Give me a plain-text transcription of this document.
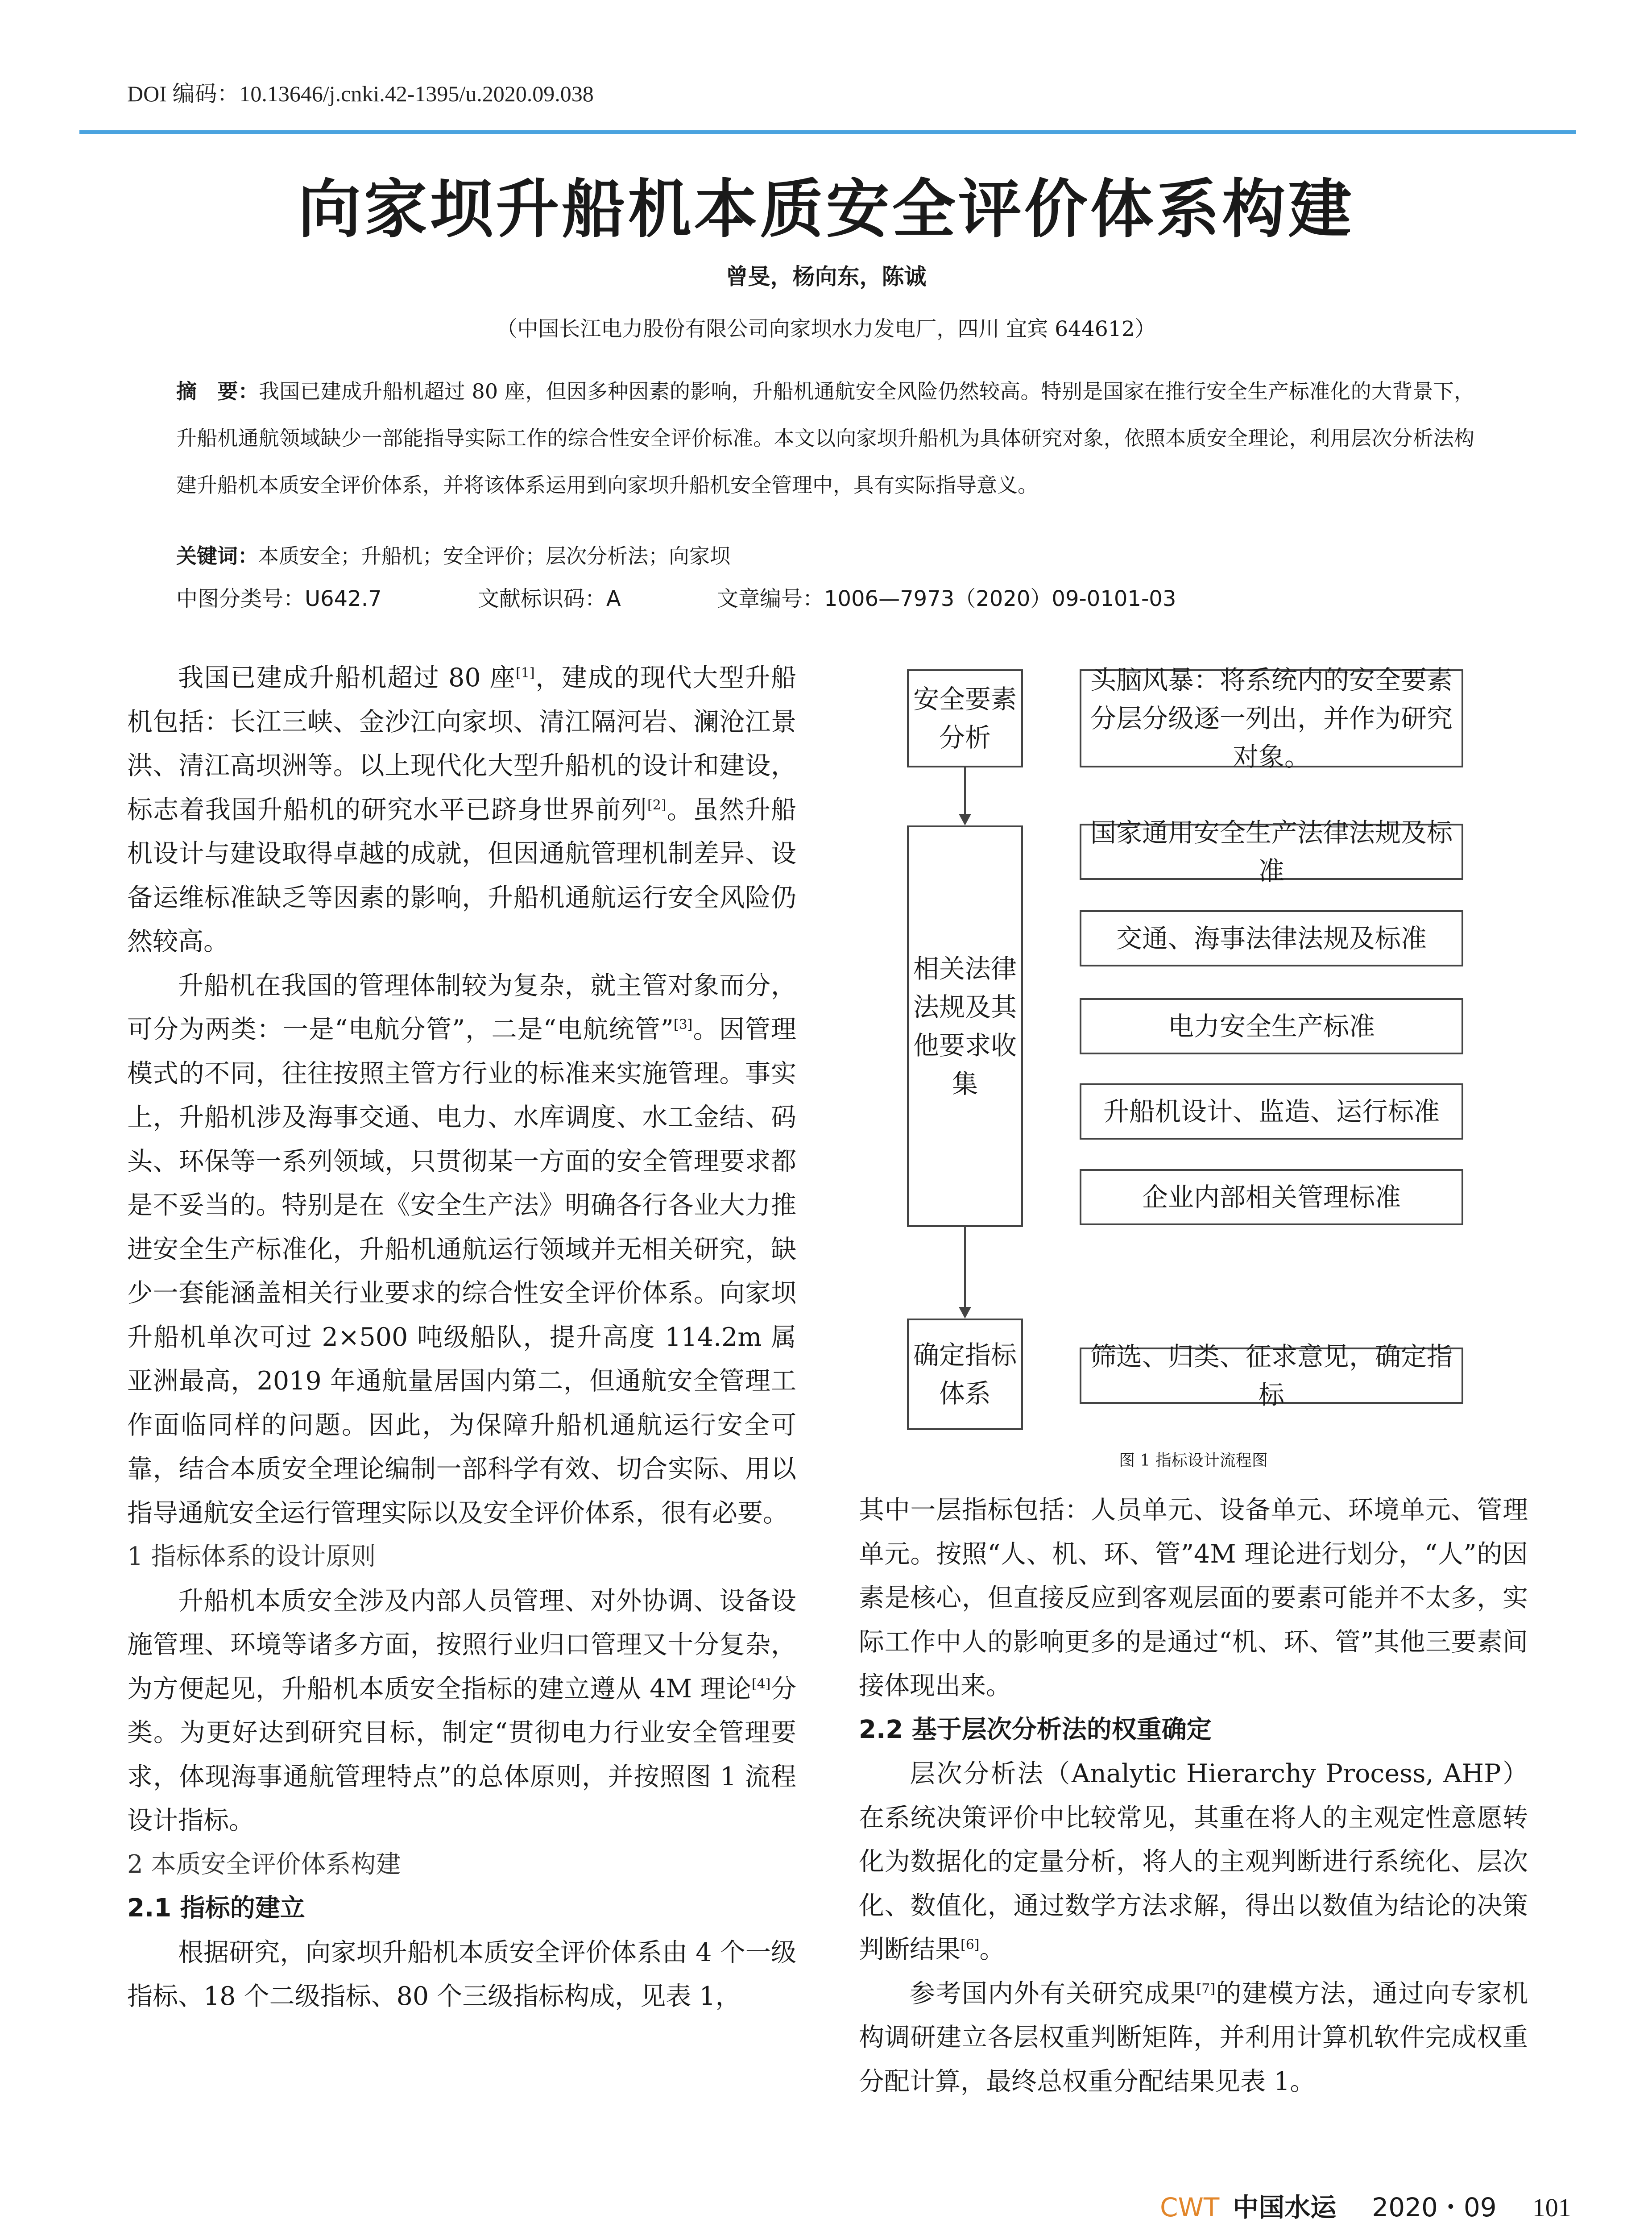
DOI 编码：10.13646/j.cnki.42-1395/u.2020.09.038
向家坝升船机本质安全评价体系构建
曾旻，杨向东，陈诚
（中国长江电力股份有限公司向家坝水力发电厂，四川 宜宾 644612）
摘　要：我国已建成升船机超过 80 座，但因多种因素的影响，升船机通航安全风险仍然较高。特别是国家在推行安全生产标准化的大背景下，升船机通航领域缺少一部能指导实际工作的综合性安全评价标准。本文以向家坝升船机为具体研究对象，依照本质安全理论，利用层次分析法构建升船机本质安全评价体系，并将该体系运用到向家坝升船机安全管理中，具有实际指导意义。
关键词：本质安全；升船机；安全评价；层次分析法；向家坝
中图分类号：U642.7	文献标识码：A	文章编号：1006—7973（2020）09-0101-03

我国已建成升船机超过 80 座[1]，建成的现代大型升船机包括：长江三峡、金沙江向家坝、清江隔河岩、澜沧江景洪、清江高坝洲等。以上现代化大型升船机的设计和建设，标志着我国升船机的研究水平已跻身世界前列[2]。虽然升船机设计与建设取得卓越的成就，但因通航管理机制差异、设备运维标准缺乏等因素的影响，升船机通航运行安全风险仍然较高。

升船机在我国的管理体制较为复杂，就主管对象而分，可分为两类：一是“电航分管”，二是“电航统管”[3]。因管理模式的不同，往往按照主管方行业的标准来实施管理。事实上，升船机涉及海事交通、电力、水库调度、水工金结、码头、环保等一系列领域，只贯彻某一方面的安全管理要求都是不妥当的。特别是在《安全生产法》明确各行各业大力推进安全生产标准化，升船机通航运行领域并无相关研究，缺少一套能涵盖相关行业要求的综合性安全评价体系。向家坝升船机单次可过 2×500 吨级船队，提升高度 114.2m 属亚洲最高，2019 年通航量居国内第二，但通航安全管理工作面临同样的问题。因此，为保障升船机通航运行安全可靠，结合本质安全理论编制一部科学有效、切合实际、用以指导通航安全运行管理实际以及安全评价体系，很有必要。

1 指标体系的设计原则

升船机本质安全涉及内部人员管理、对外协调、设备设施管理、环境等诸多方面，按照行业归口管理又十分复杂，为方便起见，升船机本质安全指标的建立遵从 4M 理论[4]分类。为更好达到研究目标，制定“贯彻电力行业安全管理要求，体现海事通航管理特点”的总体原则，并按照图 1 流程设计指标。

2 本质安全评价体系构建

2.1 指标的建立

根据研究，向家坝升船机本质安全评价体系由 4 个一级指标、18 个二级指标、80 个三级指标构成，见表 1，

安全要素分析
相关法律法规及其他要求收集
确定指标体系
头脑风暴：将系统内的安全要素分层分级逐一列出，并作为研究对象。
国家通用安全生产法律法规及标准
交通、海事法律法规及标准
电力安全生产标准
升船机设计、监造、运行标准
企业内部相关管理标准
筛选、归类、征求意见，确定指标
图 1 指标设计流程图

其中一层指标包括：人员单元、设备单元、环境单元、管理单元。按照“人、机、环、管”4M 理论进行划分，“人”的因素是核心，但直接反应到客观层面的要素可能并不太多，实际工作中人的影响更多的是通过“机、环、管”其他三要素间接体现出来。

2.2 基于层次分析法的权重确定

层次分析法（Analytic Hierarchy Process, AHP）在系统决策评价中比较常见，其重在将人的主观定性意愿转化为数据化的定量分析，将人的主观判断进行系统化、层次化、数值化，通过数学方法求解，得出以数值为结论的决策判断结果[6]。

参考国内外有关研究成果[7]的建模方法，通过向专家机构调研建立各层权重判断矩阵，并利用计算机软件完成权重分配计算，最终总权重分配结果见表 1。

CWT 中国水运 2020・09 101
